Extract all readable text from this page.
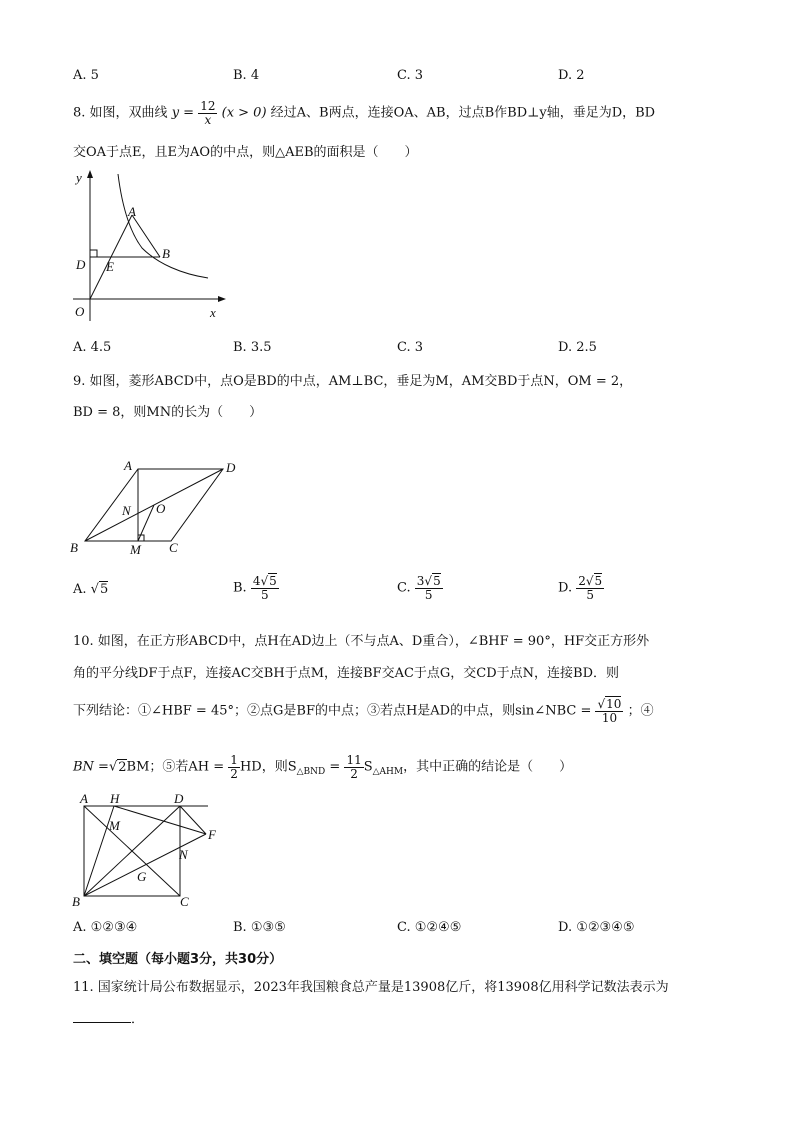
A. 5	B. 4	C. 3	D. 2
8. 如图，双曲线 $y = \frac{12}{x} (x > 0)$ 经过A、B两点，连接OA、AB，过点B作BD⊥y轴，垂足为D，BD
交OA于点E，且E为AO的中点，则△AEB的面积是（　　）
y
x
O
A
B
D E
A. 4.5	B. 3.5	C. 3	D. 2.5
9. 如图，菱形ABCD中，点O是BD的中点，AM⊥BC，垂足为M，AM交BD于点N，OM = 2，
BD = 8，则MN的长为（　　）
A	D
B	C
N O
M
A. √5	B. $\frac{4√5}{5}$	C. $\frac{3√5}{5}$	D. $\frac{2√5}{5}$
10. 如图，在正方形ABCD中，点H在AD边上（不与点A、D重合），∠BHF = 90°，HF交正方形外
角的平分线DF于点F，连接AC交BH于点M，连接BF交AC于点G，交CD于点N，连接BD．则
下列结论：①∠HBF = 45°；②点G是BF的中点；③若点H是AD的中点，则sin∠NBC = $\frac{√10}{10}$ ；④
BN =√2BM；⑤若AH = $\frac{1}{2}$ HD，则$S_{\triangle BND} = \frac{11}{2} S_{\triangle AHM}$，其中正确的结论是（　　）
A H	D
M
F
N
G
B	C
A. ①②③④	B. ①③⑤	C. ①②④⑤	D. ①②③④⑤
二、填空题（每小题3分，共30分）
11. 国家统计局公布数据显示，2023年我国粮食总产量是13908亿斤，将13908亿用科学记数法表示为
．
